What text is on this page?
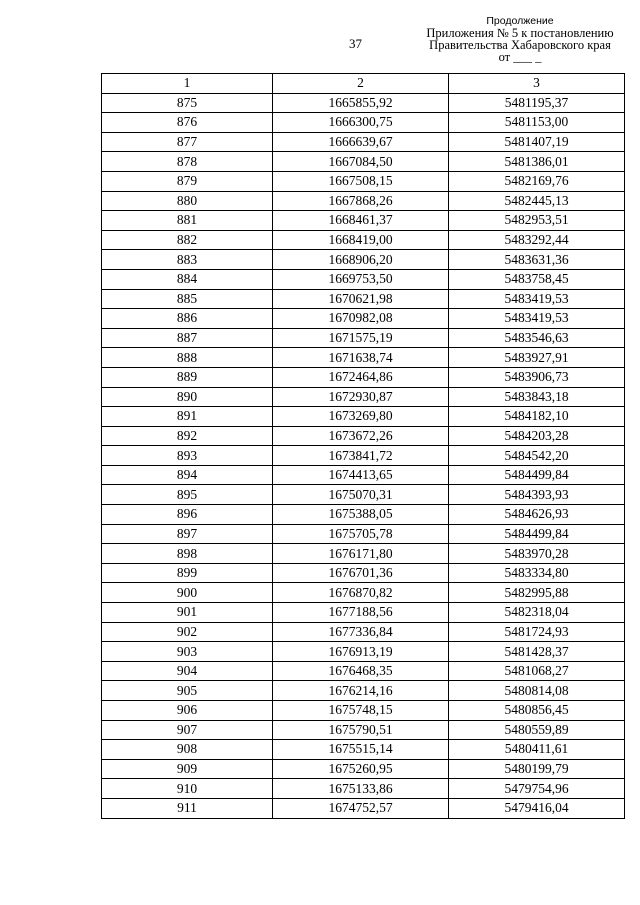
37
Продолжение
Приложения № 5 к постановлению
Правительства Хабаровского края
от ___ _
1	2	3
875	1665855,92	5481195,37
876	1666300,75	5481153,00
877	1666639,67	5481407,19
878	1667084,50	5481386,01
879	1667508,15	5482169,76
880	1667868,26	5482445,13
881	1668461,37	5482953,51
882	1668419,00	5483292,44
883	1668906,20	5483631,36
884	1669753,50	5483758,45
885	1670621,98	5483419,53
886	1670982,08	5483419,53
887	1671575,19	5483546,63
888	1671638,74	5483927,91
889	1672464,86	5483906,73
890	1672930,87	5483843,18
891	1673269,80	5484182,10
892	1673672,26	5484203,28
893	1673841,72	5484542,20
894	1674413,65	5484499,84
895	1675070,31	5484393,93
896	1675388,05	5484626,93
897	1675705,78	5484499,84
898	1676171,80	5483970,28
899	1676701,36	5483334,80
900	1676870,82	5482995,88
901	1677188,56	5482318,04
902	1677336,84	5481724,93
903	1676913,19	5481428,37
904	1676468,35	5481068,27
905	1676214,16	5480814,08
906	1675748,15	5480856,45
907	1675790,51	5480559,89
908	1675515,14	5480411,61
909	1675260,95	5480199,79
910	1675133,86	5479754,96
911	1674752,57	5479416,04
